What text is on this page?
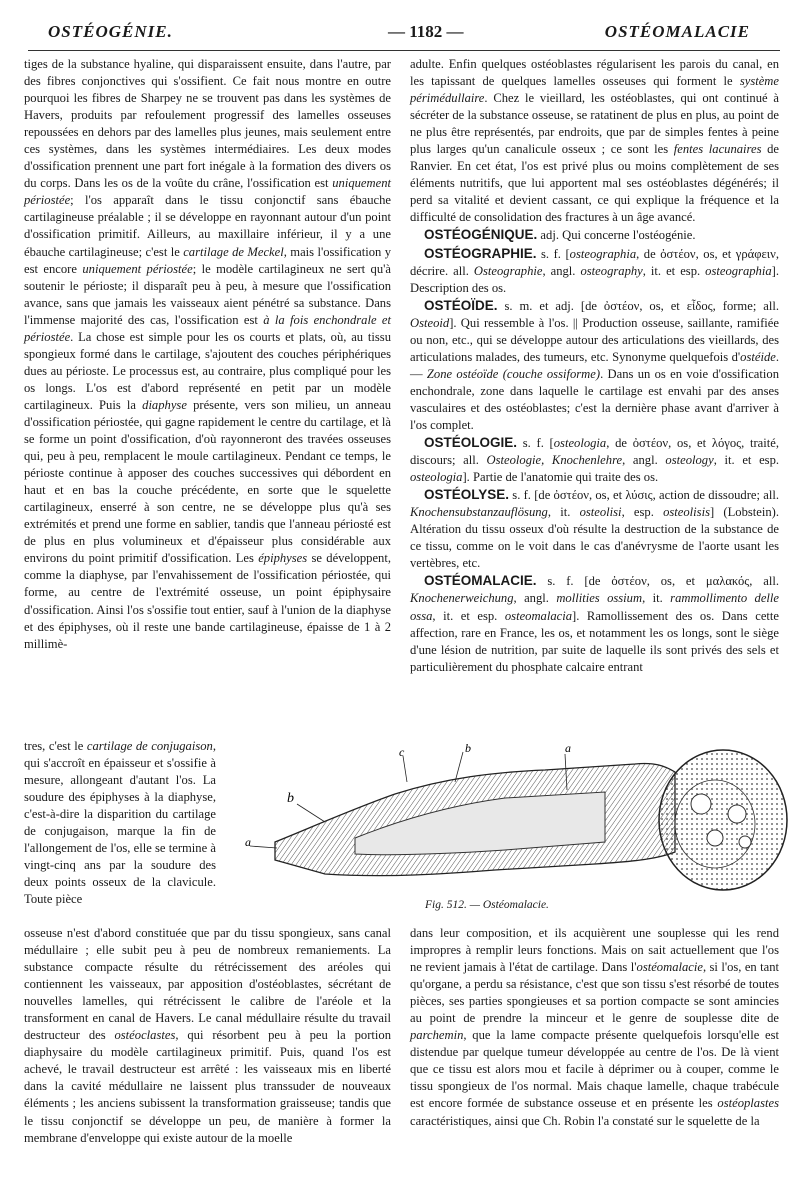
OSTÉOGÉNIE.	— 1182 —	OSTÉOMALACIE

tiges de la substance hyaline, qui disparaissent ensuite, dans l'autre, par des fibres conjonctives qui s'ossifient. Ce fait nous montre en outre pourquoi les fibres de Sharpey ne se trouvent pas dans les systèmes de Havers, produits par refoulement progressif des lamelles osseuses repoussées en dehors par des lamelles plus jeunes, mais seulement entre ces systèmes, dans les systèmes intermédiaires. Les deux modes d'ossification prennent une part fort inégale à la formation des divers os du corps. Dans les os de la voûte du crâne, l'ossification est uniquement périostée; l'os apparaît dans le tissu conjonctif sans ébauche cartilagineuse préalable ; il se développe en rayonnant autour d'un point d'ossification primitif. Ailleurs, au maxillaire inférieur, il y a une ébauche cartilagineuse; c'est le cartilage de Meckel, mais l'ossification y est encore uniquement périostée; le modèle cartilagineux ne sert qu'à soutenir le périoste; il disparaît peu à peu, à mesure que l'ossification avance, sans que jamais les vaisseaux aient pénétré sa substance. Dans l'immense majorité des cas, l'ossification est à la fois enchondrale et périostée. La chose est simple pour les os courts et plats, où, au tissu spongieux formé dans le cartilage, s'ajoutent des couches périphériques dues au périoste. Le processus est, au contraire, plus compliqué pour les os longs. L'os est d'abord représenté en petit par un modèle cartilagineux. Puis la diaphyse présente, vers son milieu, un anneau d'ossification périostée, qui gagne rapidement le centre du cartilage, et là se forme un point d'ossification, d'où rayonneront des travées osseuses qui, peu à peu, remplacent le moule cartilagineux. Pendant ce temps, le périoste continue à apposer des couches successives qui débordent en haut et en bas la couche précédente, en sorte que le squelette cartilagineux, enserré à son centre, ne se développe plus qu'à ses extrémités et prend une forme en sablier, tandis que l'anneau périosté est de plus en plus volumineux et d'épaisseur plus considérable aux environs du point primitif d'ossification. Les épiphyses se développent, comme la diaphyse, par l'envahissement de l'ossification périostée, qui forme, au centre de l'extrémité osseuse, un point épiphysaire d'ossification. Ainsi l'os s'ossifie tout entier, sauf à l'union de la diaphyse et des épiphyses, où il reste une bande cartilagineuse, épaisse de 1 à 2 millimè-

tres, c'est le cartilage de conjugaison, qui s'accroît en épaisseur et s'ossifie à mesure, allongeant d'autant l'os. La soudure des épiphyses à la diaphyse, c'est-à-dire la disparition du cartilage de conjugaison, marque la fin de l'allongement de l'os, elle se termine à vingt-cinq ans par la soudure des deux points osseux de la clavicule. Toute pièce

adulte. Enfin quelques ostéoblastes régularisent les parois du canal, en les tapissant de quelques lamelles osseuses qui forment le système périmédullaire. Chez le vieillard, les ostéoblastes, qui ont continué à sécréter de la substance osseuse, se ratatinent de plus en plus, au point de ne plus être représentés, par endroits, que par de simples fentes à peine plus larges qu'un canalicule osseux ; ce sont les fentes lacunaires de Ranvier. En cet état, l'os est privé plus ou moins complètement de ses éléments nutritifs, que lui apportent mal ses ostéoblastes dégénérés; il perd sa vitalité et devient cassant, ce qui explique la fréquence et la difficulté de consolidation des fractures à un âge avancé.

OSTÉOGÉNIQUE. adj. Qui concerne l'ostéogénie.

OSTÉOGRAPHIE. s. f. [osteographia, de ὀστέον, os, et γράφειν, décrire. all. Osteographie, angl. osteography, it. et esp. osteographia]. Description des os.

OSTÉOÏDE. s. m. et adj. [de ὀστέον, os, et εἶδος, forme; all. Osteoid]. Qui ressemble à l'os. || Production osseuse, saillante, ramifiée ou non, etc., qui se développe autour des articulations des vieillards, des articulations malades, des tumeurs, etc. Synonyme quelquefois d'ostéide.— Zone ostéoïde (couche ossiforme). Dans un os en voie d'ossification enchondrale, zone dans laquelle le cartilage est envahi par des anses vasculaires et des ostéoblastes; c'est la dernière phase avant d'arriver à l'os complet.

OSTÉOLOGIE. s. f. [osteologia, de ὀστέον, os, et λόγος, traité, discours; all. Osteologie, Knochenlehre, angl. osteology, it. et esp. osteologia]. Partie de l'anatomie qui traite des os.

OSTÉOLYSE. s. f. [de ὀστέον, os, et λύσις, action de dissoudre; all. Knochensubstanzauflösung, it. osteolisi, esp. osteolisis] (Lobstein). Altération du tissu osseux d'où résulte la destruction de la substance de ce tissu, comme on le voit dans le cas d'anévrysme de l'aorte usant les vertèbres, etc.

OSTÉOMALACIE. s. f. [de ὀστέον, os, et μαλακός, all. Knochenerweichung, angl. mollities ossium, it. rammollimento delle ossa, it. et esp. osteomalacia]. Ramollissement des os. Dans cette affection, rare en France, les os, et notamment les os longs, sont le siège d'une lésion de nutrition, par suite de laquelle ils sont privés des sels et particulièrement du phosphate calcaire entrant

a
b
c
b
a
Fig. 512. — Ostéomalacie.

osseuse n'est d'abord constituée que par du tissu spongieux, sans canal médullaire ; elle subit peu à peu de nombreux remaniements. La substance compacte résulte du rétrécissement des aréoles qui contiennent les vaisseaux, par apposition d'ostéoblastes, sécrétant de nouvelles lamelles, qui rétrécissent le calibre de l'aréole et la transforment en canal de Havers. Le canal médullaire résulte du travail destructeur des ostéoclastes, qui résorbent peu à peu la portion diaphysaire du modèle cartilagineux primitif. Puis, quand l'os est achevé, le travail destructeur est arrêté : les vaisseaux mis en liberté dans la cavité médullaire ne laissent plus transsuder de nouveaux éléments ; les anciens subissent la transformation graisseuse; tandis que le tissu conjonctif se développe un peu, de manière à former la membrane d'enveloppe qui existe autour de la moelle

dans leur composition, et ils acquièrent une souplesse qui les rend impropres à remplir leurs fonctions. Mais on sait actuellement que l'os ne revient jamais à l'état de cartilage. Dans l'ostéomalacie, si l'os, en tant qu'organe, a perdu sa résistance, c'est que son tissu s'est résorbé de toutes pièces, ses parties spongieuses et sa portion compacte se sont amincies au point de prendre la minceur et le genre de souplesse dite de parchemin, que la lame compacte présente quelquefois lorsqu'elle est distendue par quelque tumeur développée au centre de l'os. De là vient que ce tissu est alors mou et facile à déprimer ou à couper, comme le tissu spongieux de l'os normal. Mais chaque lamelle, chaque trabécule est encore formée de substance osseuse et en présente les ostéoplastes caractéristiques, ainsi que Ch. Robin l'a constaté sur le squelette de la
